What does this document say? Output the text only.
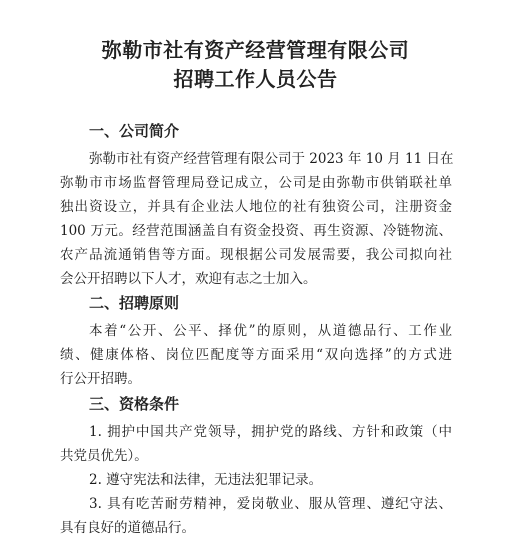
弥勒市社有资产经营管理有限公司
招聘工作人员公告
一、公司简介
弥勒市社有资产经营管理有限公司于 2023 年 10 月 11 日在
弥勒市市场监督管理局登记成立，公司是由弥勒市供销联社单
独出资设立，并具有企业法人地位的社有独资公司，注册资金
100 万元。经营范围涵盖自有资金投资、再生资源、冷链物流、
农产品流通销售等方面。现根据公司发展需要，我公司拟向社
会公开招聘以下人才，欢迎有志之士加入。
二、招聘原则
本着“公开、公平、择优”的原则，从道德品行、工作业
绩、健康体格、岗位匹配度等方面采用“双向选择”的方式进
行公开招聘。
三、资格条件
1. 拥护中国共产党领导，拥护党的路线、方针和政策（中
共党员优先）。
2. 遵守宪法和法律，无违法犯罪记录。
3. 具有吃苦耐劳精神，爱岗敬业、服从管理、遵纪守法、
具有良好的道德品行。
